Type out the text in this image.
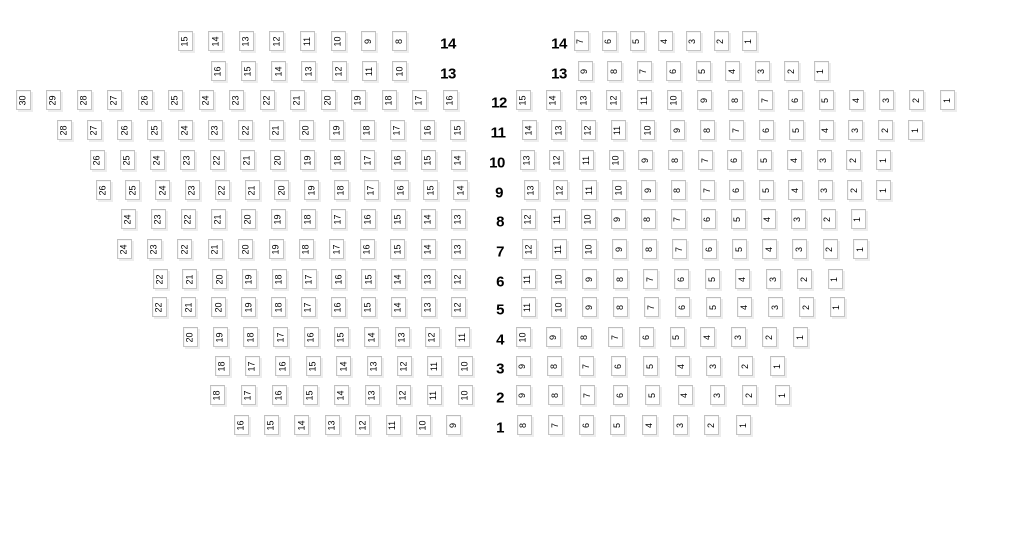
14	14
15 14 13 12 11 10 9 8	7 6 5 4 3 2 1
13	13
16 15 14 13 12 11 10	9 8 7 6 5 4 3 2 1
12
30 29 28 27 26 25 24 23 22 21 20 19 18 17 16	15 14 13 12 11 10 9 8 7 6 5 4 3 2 1
11
28 27 26 25 24 23 22 21 20 19 18 17 16 15	14 13 12 11 10 9 8 7 6 5 4 3 2 1
10
26 25 24 23 22 21 20 19 18 17 16 15 14	13 12 11 10 9 8 7 6 5 4 3 2 1
9
26 25 24 23 22 21 20 19 18 17 16 15 14	13 12 11 10 9 8 7 6 5 4 3 2 1
8
24 23 22 21 20 19 18 17 16 15 14 13	12 11 10 9 8 7 6 5 4 3 2 1
7
24 23 22 21 20 19 18 17 16 15 14 13	12 11 10 9 8 7 6 5 4 3 2 1
6
22 21 20 19 18 17 16 15 14 13 12	11 10 9 8 7 6 5 4 3 2 1
5
22 21 20 19 18 17 16 15 14 13 12	11 10 9 8 7 6 5 4 3 2 1
4
20 19 18 17 16 15 14 13 12 11	10 9 8 7 6 5 4 3 2 1
3
18 17 16 15 14 13 12 11 10	9 8 7 6 5 4 3 2 1
2
18 17 16 15 14 13 12 11 10	9 8 7 6 5 4 3 2 1
1
16 15 14 13 12 11 10 9	8 7 6 5 4 3 2 1
